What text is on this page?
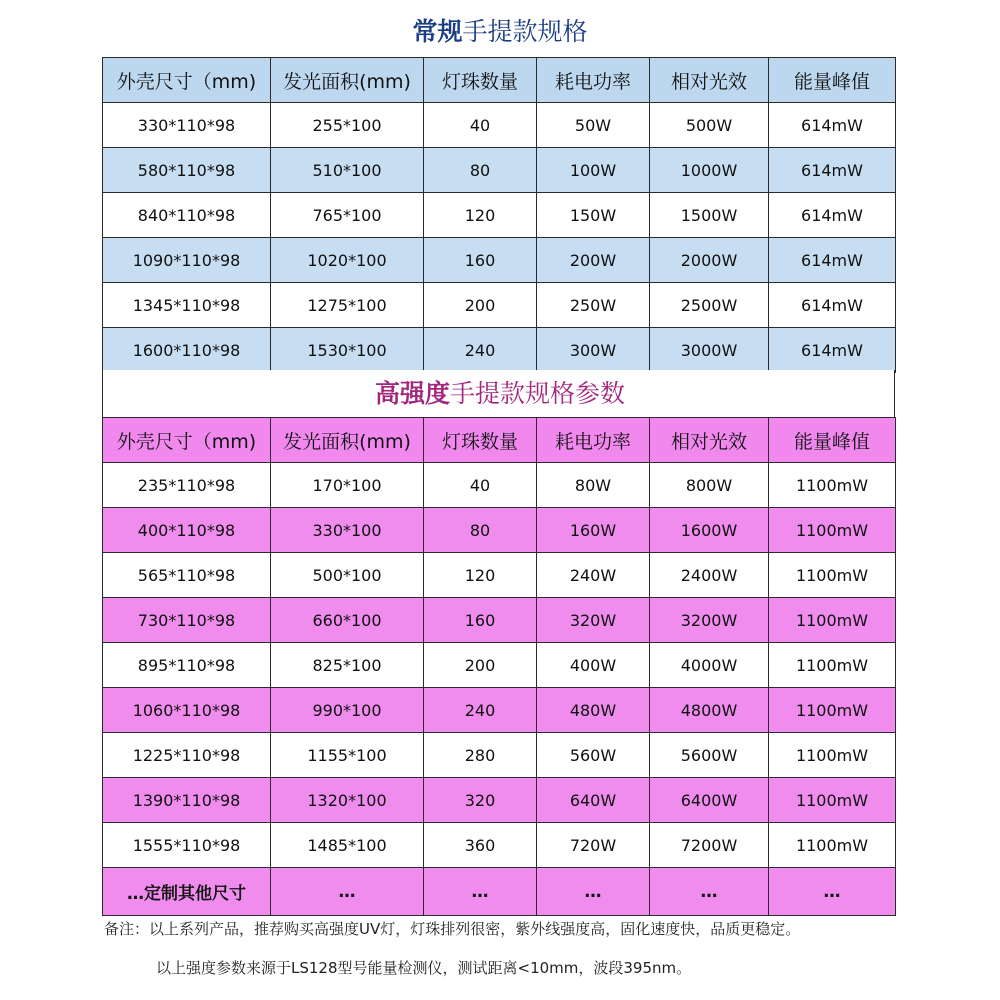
常规手提款规格
外壳尺寸（mm)	发光面积(mm)	灯珠数量	耗电功率	相对光效	能量峰值
330*110*98	255*100	40	50W	500W	614mW
580*110*98	510*100	80	100W	1000W	614mW
840*110*98	765*100	120	150W	1500W	614mW
1090*110*98	1020*100	160	200W	2000W	614mW
1345*110*98	1275*100	200	250W	2500W	614mW
1600*110*98	1530*100	240	300W	3000W	614mW
高强度手提款规格参数
外壳尺寸（mm)	发光面积(mm)	灯珠数量	耗电功率	相对光效	能量峰值
235*110*98	170*100	40	80W	800W	1100mW
400*110*98	330*100	80	160W	1600W	1100mW
565*110*98	500*100	120	240W	2400W	1100mW
730*110*98	660*100	160	320W	3200W	1100mW
895*110*98	825*100	200	400W	4000W	1100mW
1060*110*98	990*100	240	480W	4800W	1100mW
1225*110*98	1155*100	280	560W	5600W	1100mW
1390*110*98	1320*100	320	640W	6400W	1100mW
1555*110*98	1485*100	360	720W	7200W	1100mW
…定制其他尺寸	…	…	…	…	…
备注：以上系列产品，推荐购买高强度UV灯，灯珠排列很密，紫外线强度高，固化速度快，品质更稳定。
以上强度参数来源于LS128型号能量检测仪，测试距离<10mm，波段395nm。
